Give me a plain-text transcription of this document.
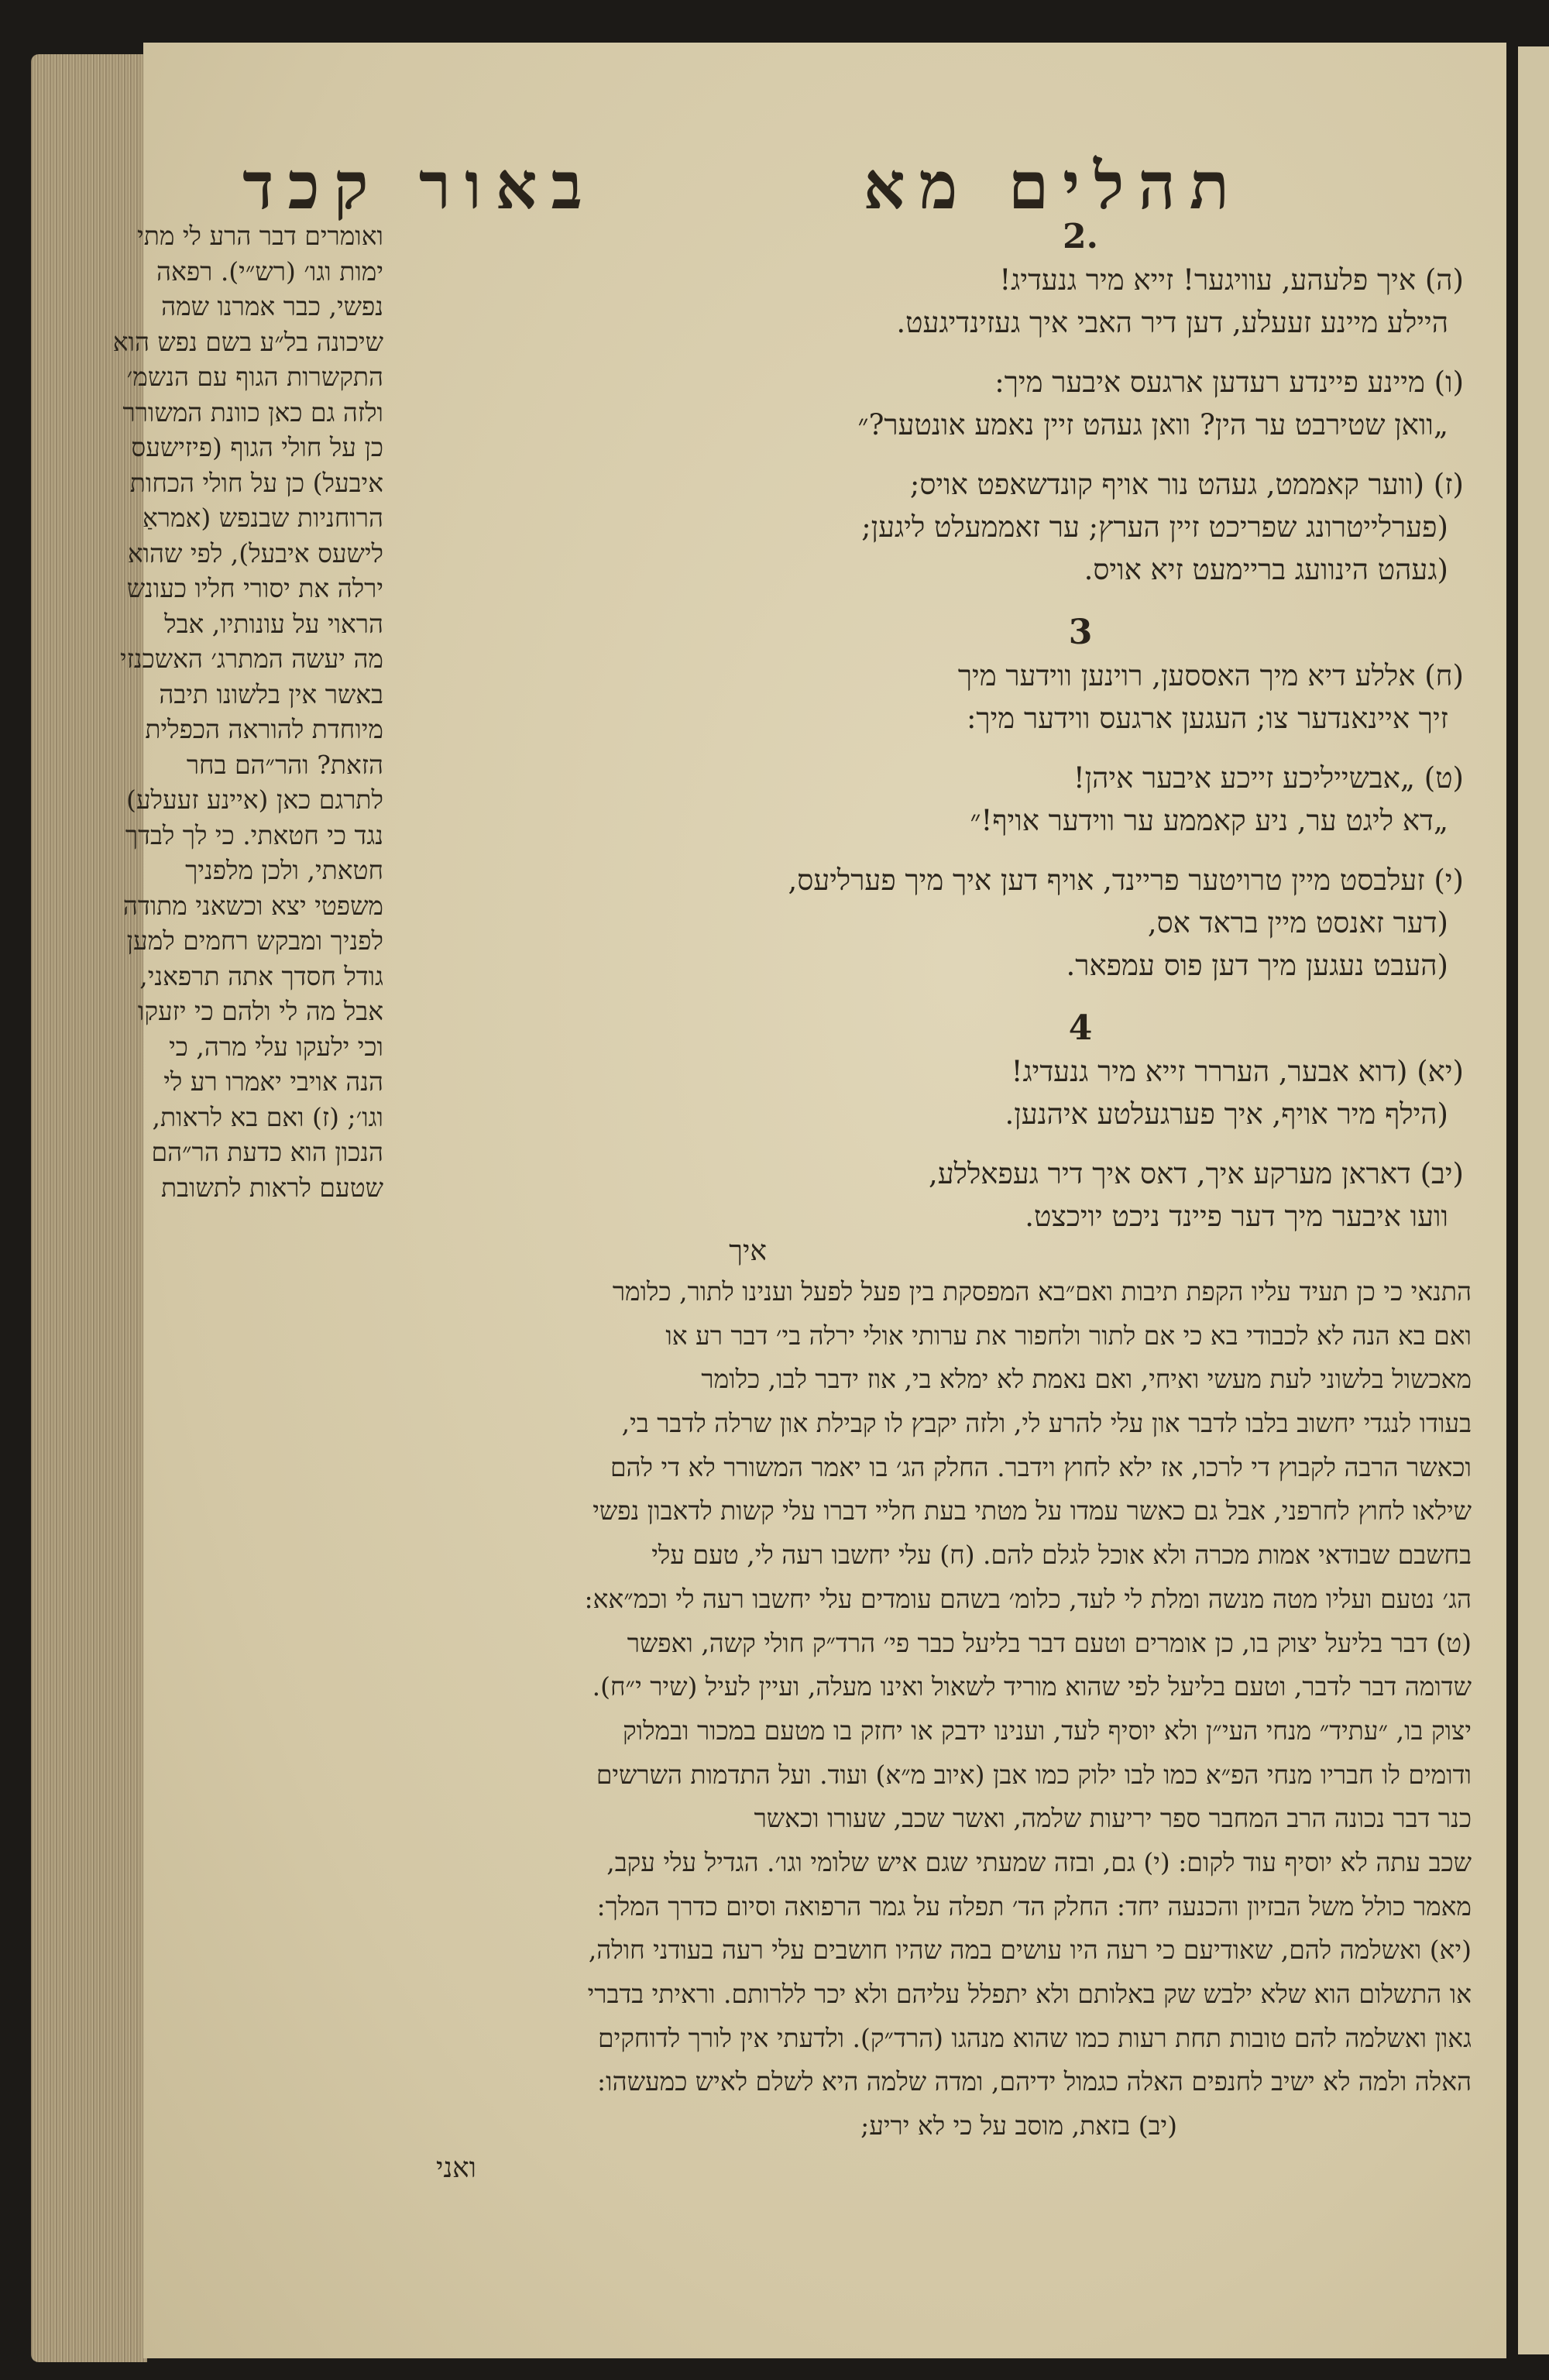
תהלים מא
באור קכד
ואומרים דבר הרע לי מתי
ימות וגו׳ (רש״י). רפאה
נפשי, כבר אמרנו שמה
שיכונה בל״ע בשם נפש הוא
התקשרות הגוף עם הנשמ׳
ולזה גם כאן כוונת המשורר
כן על חולי הגוף (פיזישעס
איבעל) כן על חולי הכחות
הרוחניות שבנפש (אמראַ
לישעס איבעל), לפי שהוא
ירלה את יסורי חליו כעונש
הראוי על עונותיו, אבל
מה יעשה המתרג׳ האשכנזי
באשר אין בלשונו תיבה
מיוחדת להוראה הכפלית
הזאת? והר״הם בחר
לתרגם כאן (איינע זעעלע)
נגד כי חטאתי. כי לך לבדך
חטאתי, ולכן מלפניך
משפטי יצא וכשאני מתודה
לפניך ומבקש רחמים למען
גודל חסדך אתה תרפאני,
אבל מה לי ולהם כי יזעקו
וכי ילעקו עלי מרה, כי
הנה אויבי יאמרו רע לי
וגו׳; (ז) ואם בא לראות,
הנכון הוא כדעת הר״הם
שטעם לראות לתשובת
2.
(ה) איך פלעהע, עוויגער! זייא מיר גנעדיג!
היילע מיינע זעעלע, דען דיר האבי איך געזינדיגעט.
(ו) מיינע פיינדע רעדען ארגעס איבער מיך:
„וואן שטירבט ער הין? וואן געהט זיין נאמע אונטער?״
(ז) (ווער קאממט, געהט נור אויף קונדשאפט אויס;
(פערלייטרונג שפריכט זיין הערץ; ער זאממעלט ליגען;
(געהט הינוועג בריימעט זיא אויס.
3
(ח) אללע דיא מיך האססען, רוינען ווידער מיך
זיך איינאנדער צו; העגען ארגעס ווידער מיך:
(ט) „אבשייליכע זייכע איבער איהן!
„דא ליגט ער, ניע קאממע ער ווידער אויף!״
(י) זעלבסט מיין טרויטער פריינד, אויף דען איך מיך פערליעס,
(דער זאנסט מיין בראד אס,
(העבט נעגען מיך דען פוס עמפאר.
4
(יא) (דוא אבער, העררר זייא מיר גנעדיג!
(הילף מיר אויף, איך פערגעלטע איהנען.
(יב) דאראן מערקע איך, דאס איך דיר געפאללע,
וועו איבער מיך דער פיינד ניכט יויכצט.
איך
התנאי כי כן תעיד עליו הקפת תיבות ואם״בא המפסקת בין פעל לפעל וענינו לתור, כלומר
ואם בא הנה לא לכבודי בא כי אם לתור ולחפור את ערותי אולי ירלה בי׳ דבר רע או
מאכשול בלשוני לעת מעשי ואיחי, ואם נאמת לא ימלא בי, אוז ידבר לבו, כלומר
בעודו לנגדי יחשוב בלבו לדבר און עלי להרע לי, ולזה יקבץ לו קבילת און שרלה לדבר בי,
וכאשר הרבה לקבוץ די לרכו, אז ילא לחוץ וידבר. החלק הג׳ בו יאמר המשורר לא די להם
שילאו לחוץ לחרפני, אבל גם כאשר עמדו על מטתי בעת חליי דברו עלי קשות לדאבון נפשי
בחשבם שבודאי אמות מכרה ולא אוכל לגלם להם. (ח) עלי יחשבו רעה לי, טעם עלי
הג׳ נטעם ועליו מטה מנשה ומלת לי לעד, כלומ׳ בשהם עומדים עלי יחשבו רעה לי וכמ״אא:
(ט) דבר בליעל יצוק בו, כן אומרים וטעם דבר בליעל כבר פי׳ הרד״ק חולי קשה, ואפשר
שדומה דבר לדבר, וטעם בליעל לפי שהוא מוריד לשאול ואינו מעלה, ועיין לעיל (שיר י״ח).
יצוק בו, ״עתיד״ מנחי העי״ן ולא יוסיף לעד, וענינו ידבק או יחזק בו מטעם במכור ובמלוק
ודומים לו חבריו מנחי הפ״א כמו לבו ילוק כמו אבן (איוב מ״א) ועוד. ועל התדמות השרשים
כנר דבר נכונה הרב המחבר ספר יריעות שלמה, ואשר שכב, שעורו וכאשר
שכב עתה לא יוסיף עוד לקום: (י) גם, ובזה שמעתי שגם איש שלומי וגו׳. הגדיל עלי עקב,
מאמר כולל משל הבזיון והכנעה יחד: החלק הד׳ תפלה על גמר הרפואה וסיום כדרך המלך:
(יא) ואשלמה להם, שאודיעם כי רעה היו עושים במה שהיו חושבים עלי רעה בעודני חולה,
או התשלום הוא שלא ילבש שק באלותם ולא יתפלל עליהם ולא יכר ללרותם. וראיתי בדברי
גאון ואשלמה להם טובות תחת רעות כמו שהוא מנהגו (הרד״ק). ולדעתי אין לורך לדוחקים
האלה ולמה לא ישיב לחנפים האלה כגמול ידיהם, ומדה שלמה היא לשלם לאיש כמעשהו:
(יב) בזאת, מוסב על כי לא יריע;
ואני
